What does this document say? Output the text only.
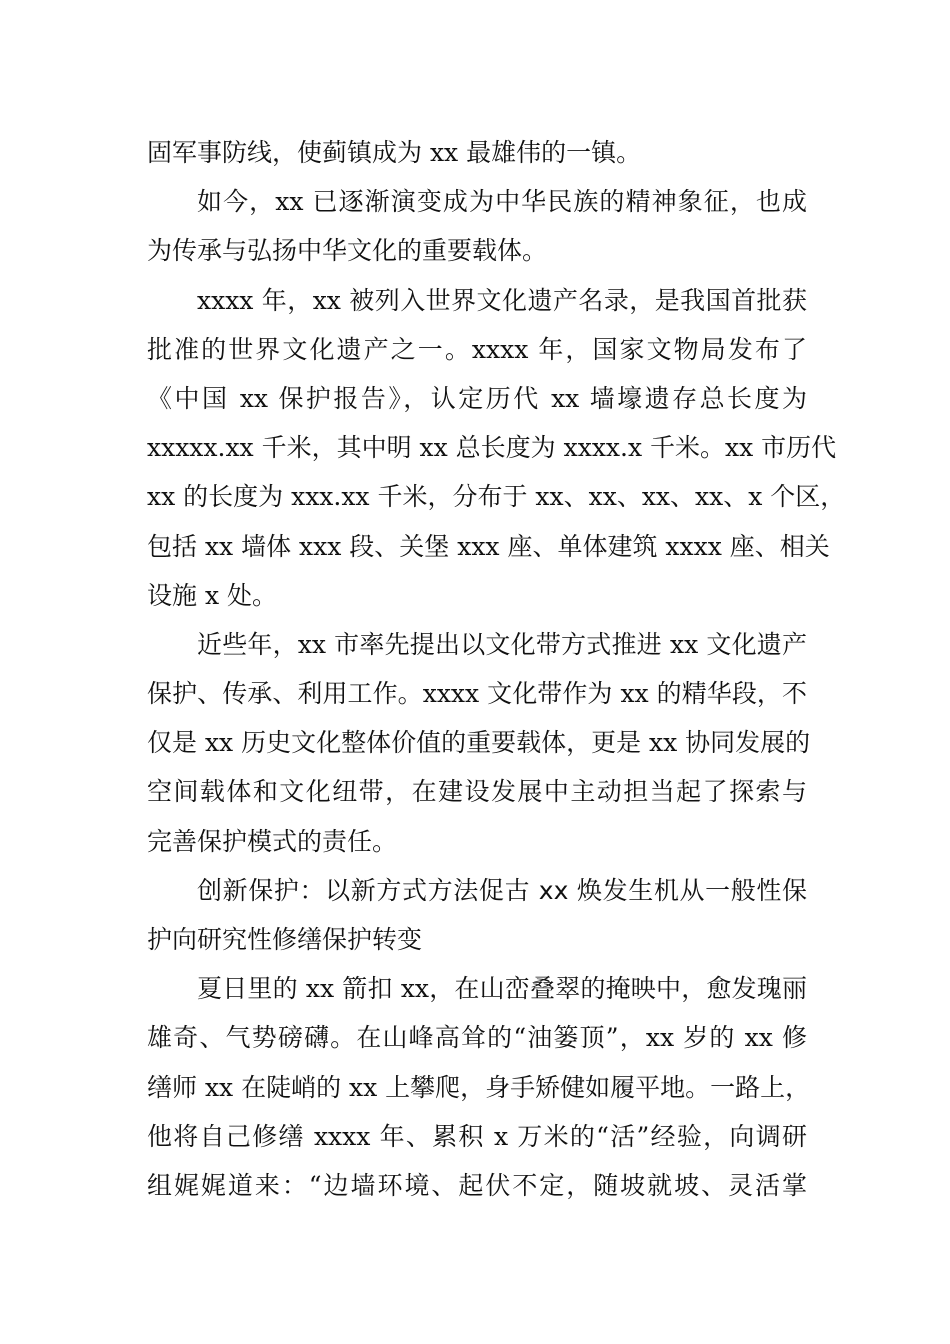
固军事防线，使蓟镇成为 xx 最雄伟的一镇。
如今，xx 已逐渐演变成为中华民族的精神象征，也成
为传承与弘扬中华文化的重要载体。
xxxx 年，xx 被列入世界文化遗产名录，是我国首批获
批准的世界文化遗产之一。xxxx 年，国家文物局发布了
《中国 xx 保护报告》，认定历代 xx 墙壕遗存总长度为
xxxxx.xx 千米，其中明 xx 总长度为 xxxx.x 千米。xx 市历代
xx 的长度为 xxx.xx 千米，分布于 xx、xx、xx、xx、x 个区，
包括 xx 墙体 xxx 段、关堡 xxx 座、单体建筑 xxxx 座、相关
设施 x 处。
近些年，xx 市率先提出以文化带方式推进 xx 文化遗产
保护、传承、利用工作。xxxx 文化带作为 xx 的精华段，不
仅是 xx 历史文化整体价值的重要载体，更是 xx 协同发展的
空间载体和文化纽带，在建设发展中主动担当起了探索与
完善保护模式的责任。
创新保护：以新方式方法促古 xx 焕发生机从一般性保
护向研究性修缮保护转变
夏日里的 xx 箭扣 xx，在山峦叠翠的掩映中，愈发瑰丽
雄奇、气势磅礴。在山峰高耸的“油篓顶”，xx 岁的 xx 修
缮师 xx 在陡峭的 xx 上攀爬，身手矫健如履平地。一路上，
他将自己修缮 xxxx 年、累积 x 万米的“活”经验，向调研
组娓娓道来：“边墙环境、起伏不定，随坡就坡、灵活掌
